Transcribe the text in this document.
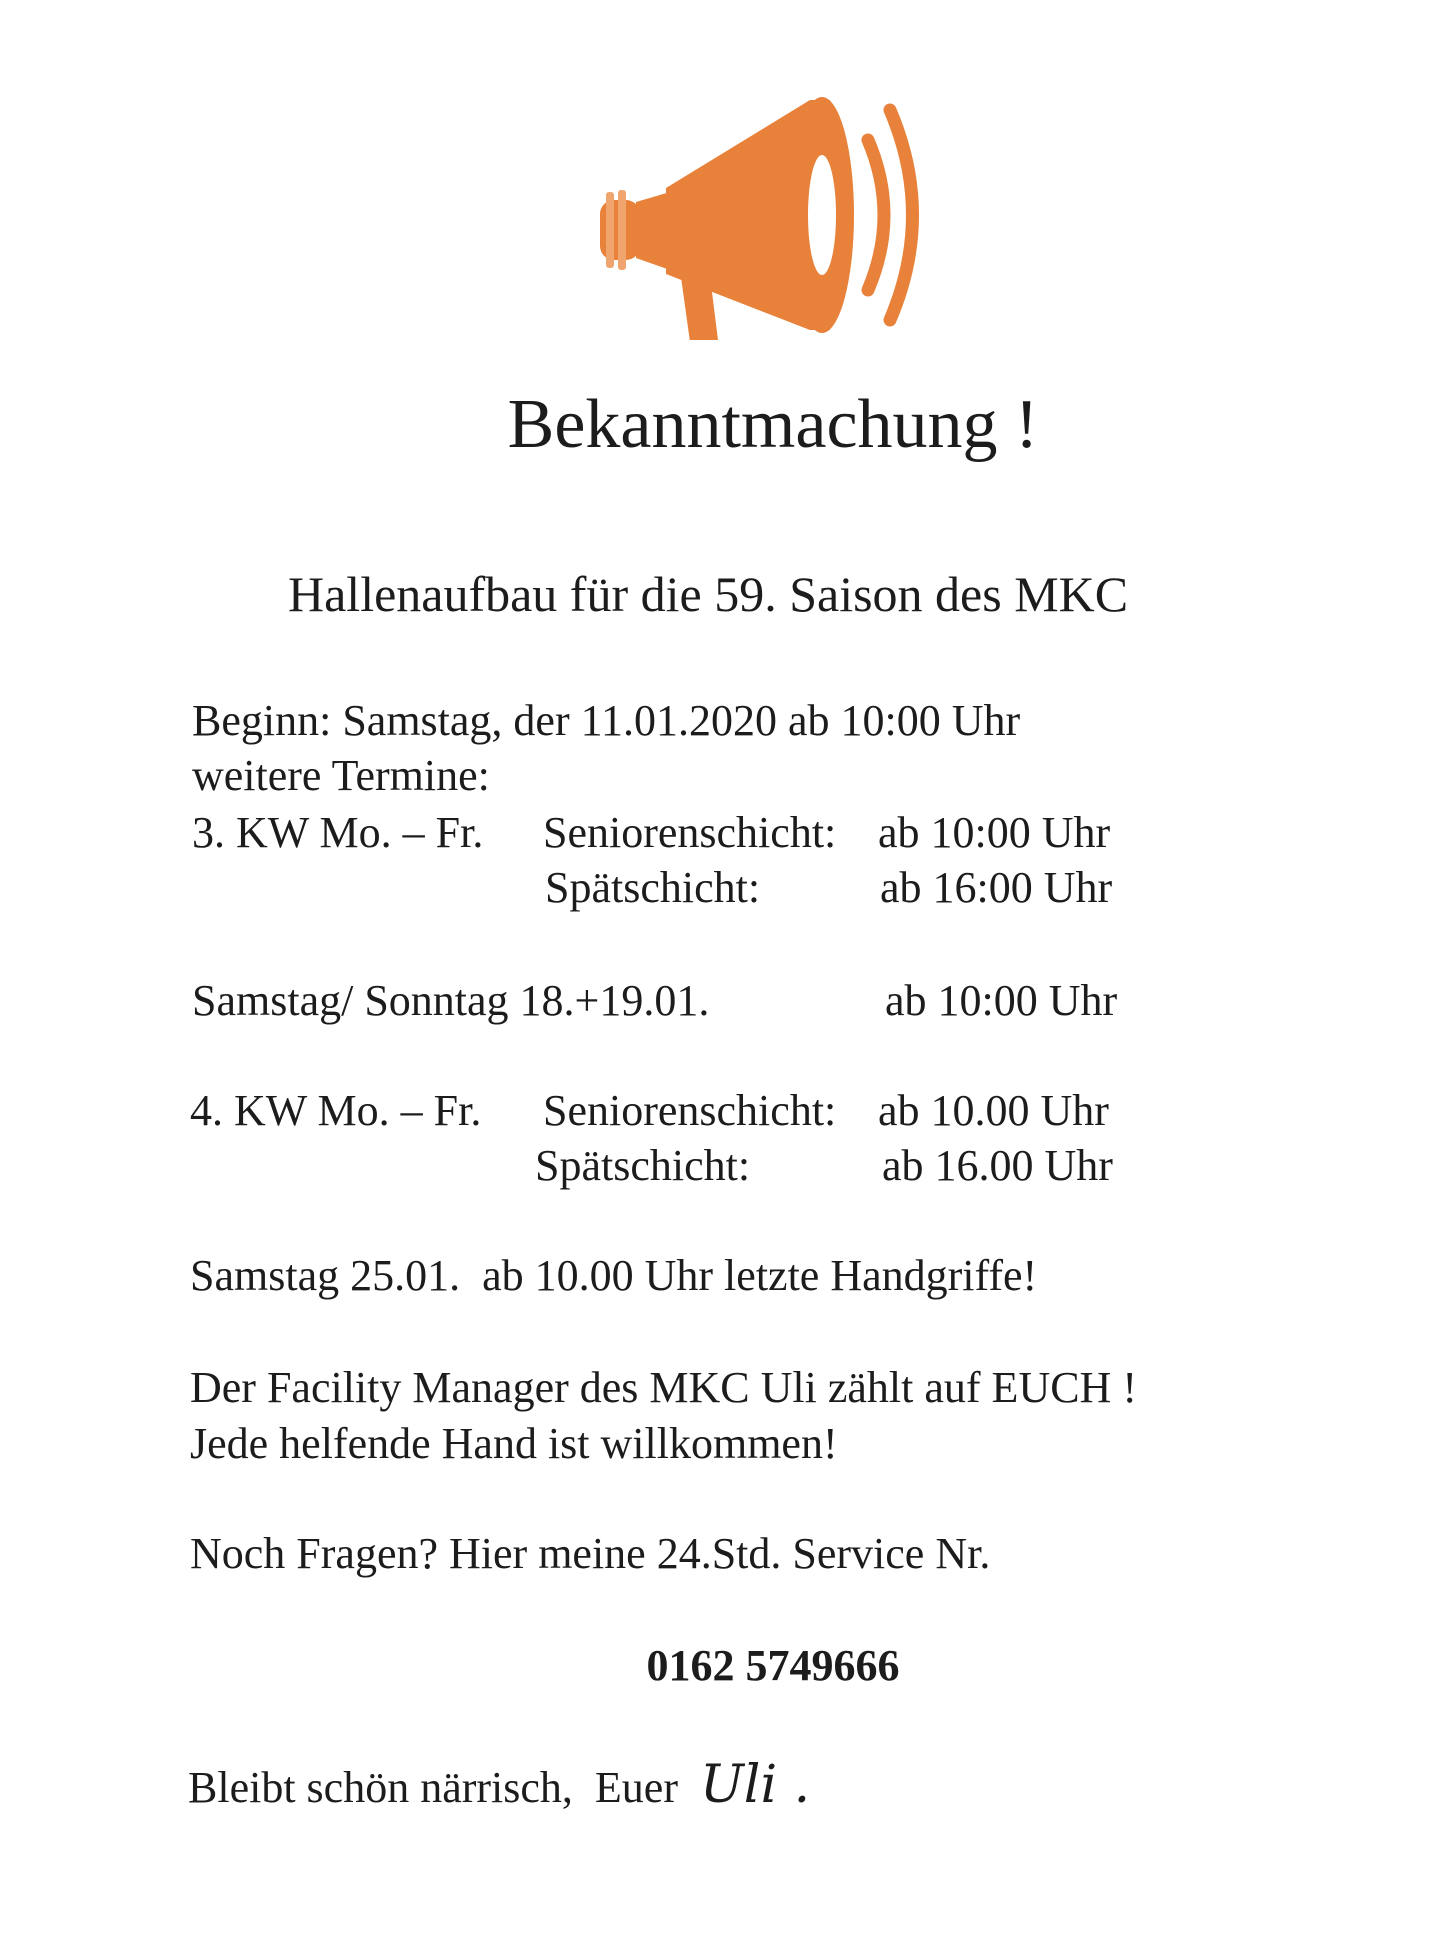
Bekanntmachung !
Hallenaufbau für die 59. Saison des MKC
Beginn: Samstag, der 11.01.2020 ab 10:00 Uhr
weitere Termine:
3. KW Mo. – Fr. Seniorenschicht: ab 10:00 Uhr
Spätschicht:	ab 16:00 Uhr
Samstag/ Sonntag 18.+19.01.	ab 10:00 Uhr
4. KW Mo. – Fr. Seniorenschicht: ab 10.00 Uhr
Spätschicht:	ab 16.00 Uhr
Samstag 25.01.  ab 10.00 Uhr letzte Handgriffe!
Der Facility Manager des MKC Uli zählt auf EUCH !
Jede helfende Hand ist willkommen!
Noch Fragen? Hier meine 24.Std. Service Nr.
0162 5749666
Bleibt schön närrisch,  Euer Uli .
